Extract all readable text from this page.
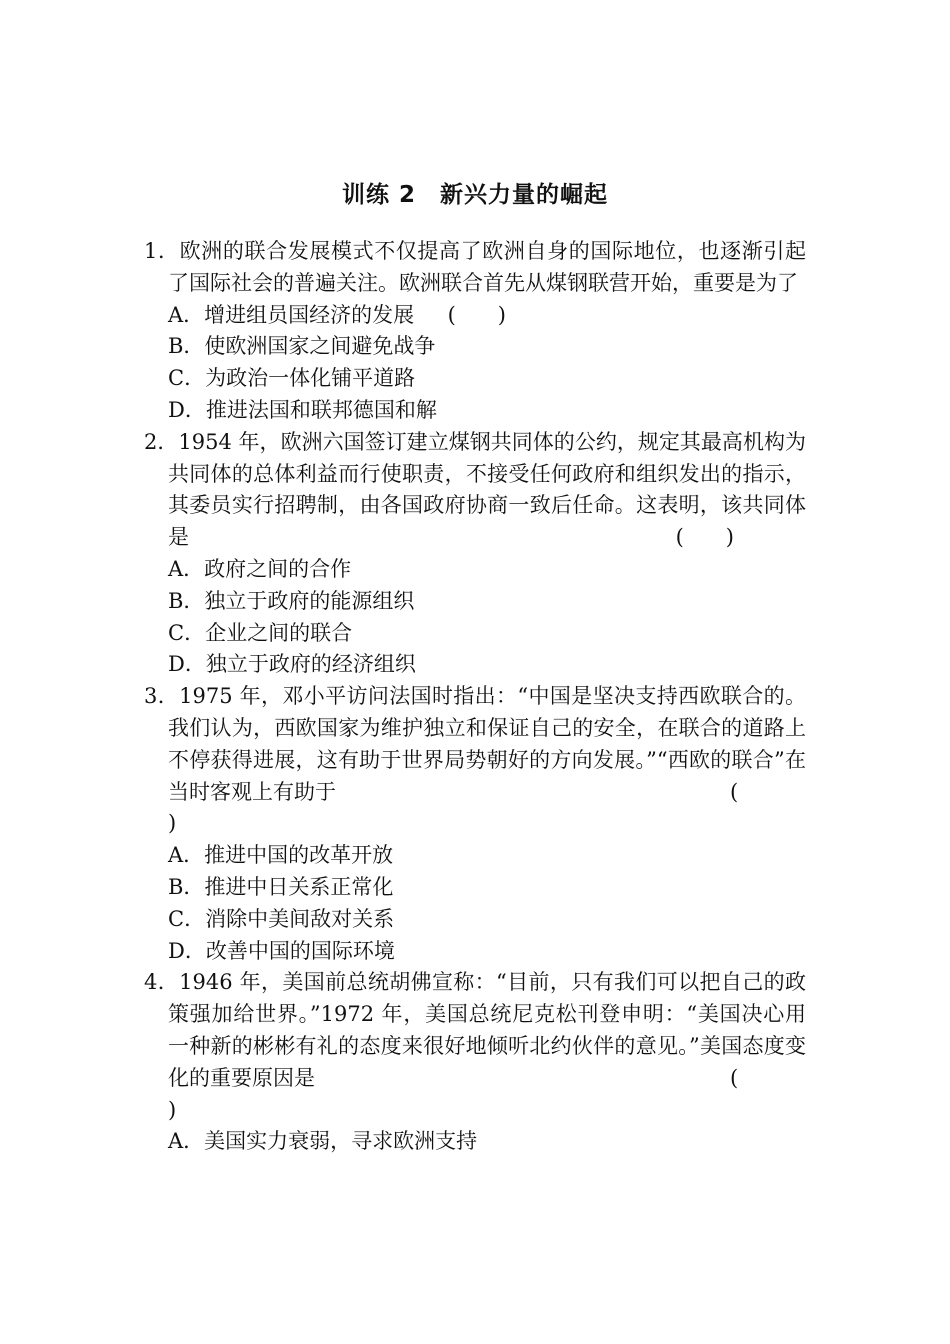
训练 2　新兴力量的崛起
1．欧洲的联合发展模式不仅提高了欧洲自身的国际地位，也逐渐引起了国际社会的普遍关注。欧洲联合首先从煤钢联营开始，重要是为了
(　　)
A．增进组员国经济的发展
B．使欧洲国家之间避免战争
C．为政治一体化铺平道路
D．推进法国和联邦德国和解
2．1954 年，欧洲六国签订建立煤钢共同体的公约，规定其最高机构为共同体的总体利益而行使职责，不接受任何政府和组织发出的指示，其委员实行招聘制，由各国政府协商一致后任命。这表明，该共同体是	(　　)
A．政府之间的合作
B．独立于政府的能源组织
C．企业之间的联合
D．独立于政府的经济组织
3．1975 年，邓小平访问法国时指出：“中国是坚决支持西欧联合的。我们认为，西欧国家为维护独立和保证自己的安全，在联合的道路上不停获得进展，这有助于世界局势朝好的方向发展。”“西欧的联合”在当时客观上有助于	(
)
A．推进中国的改革开放
B．推进中日关系正常化
C．消除中美间敌对关系
D．改善中国的国际环境
4．1946 年，美国前总统胡佛宣称：“目前，只有我们可以把自己的政策强加给世界。”1972 年，美国总统尼克松刊登申明：“美国决心用一种新的彬彬有礼的态度来很好地倾听北约伙伴的意见。”美国态度变化的重要原因是	(
)
A．美国实力衰弱，寻求欧洲支持
